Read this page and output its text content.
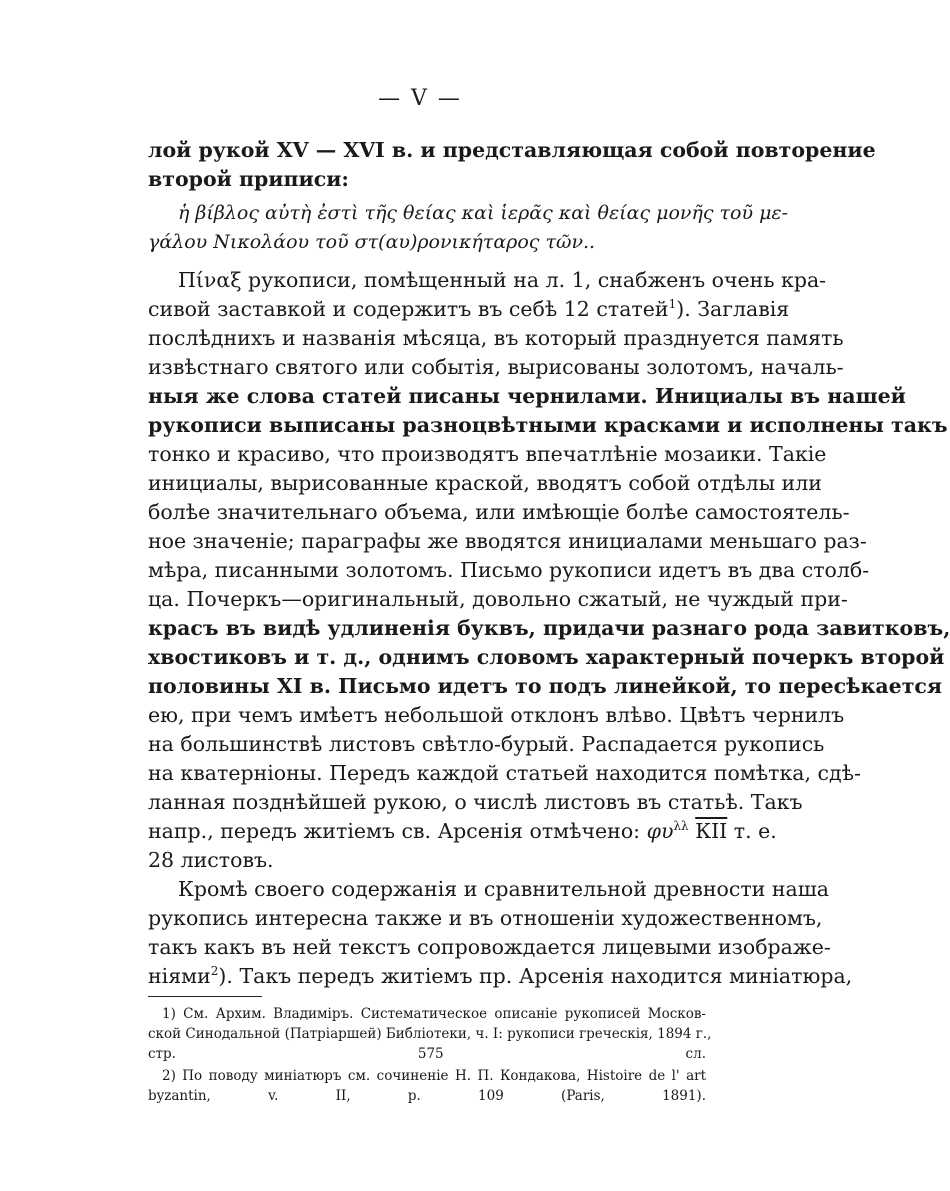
— V —
лой рукой XV — XVI в. и представляющая собой повторение
второй приписи:
ἡ βίβλος αὐτὴ ἐστὶ τῆς θείας καὶ ἱερᾶς καὶ θείας μονῆς τοῦ με-
γάλου Νικολάου τοῦ στ(αυ)ρονικήταρος τῶν..
Πίναξ рукописи, помѣщенный на л. 1, снабженъ очень кра-
сивой заставкой и содержитъ въ себѣ 12 статей$^1$). Заглавія
послѣднихъ и названія мѣсяца, въ который празднуется память
извѣстнаго святого или событія, вырисованы золотомъ, началь-
ныя же слова статей писаны чернилами. Инициалы въ нашей
рукописи выписаны разноцвѣтными красками и исполнены такъ
тонко и красиво, что производятъ впечатлѣніе мозаики. Такіе
инициалы, вырисованные краской, вводятъ собой отдѣлы или
болѣе значительнаго объема, или имѣющіе болѣе самостоятель-
ное значеніе; параграфы же вводятся инициалами меньшаго раз-
мѣра, писанными золотомъ. Письмо рукописи идетъ въ два столб-
ца. Почеркъ—оригинальный, довольно сжатый, не чуждый при-
красъ въ видѣ удлиненія буквъ, придачи разнаго рода завитковъ,
хвостиковъ и т. д., однимъ словомъ характерный почеркъ второй
половины XI в. Письмо идетъ то подъ линейкой, то пересѣкается
ею, при чемъ имѣетъ небольшой отклонъ влѣво. Цвѣтъ чернилъ
на большинствѣ листовъ свѣтло-бурый. Распадается рукопись
на кватерніоны. Передъ каждой статьей находится помѣтка, сдѣ-
ланная позднѣйшей рукою, о числѣ листовъ въ статьѣ. Такъ
напр., передъ житіемъ св. Арсенія отмѣчено: $\varphi\upsilon^{\lambda\lambda}$ КII т. е.
28 листовъ.
Кромѣ своего содержанія и сравнительной древности наша
рукопись интересна также и въ отношеніи художественномъ,
такъ какъ въ ней текстъ сопровождается лицевыми изображе-
ніями$^2$). Такъ передъ житіемъ пр. Арсенія находится миніатюра,
1) См. Архим. Владиміръ. Систематическое описаніе рукописей Москов-
ской Синодальной (Патріаршей) Библіотеки, ч. I: рукописи греческія, 1894 г.,
стр. 575 сл.
2) По поводу миніатюръ см. сочиненіе Н. П. Кондакова, Histoire de l' art
byzantin, v. II, p. 109 (Paris, 1891).
